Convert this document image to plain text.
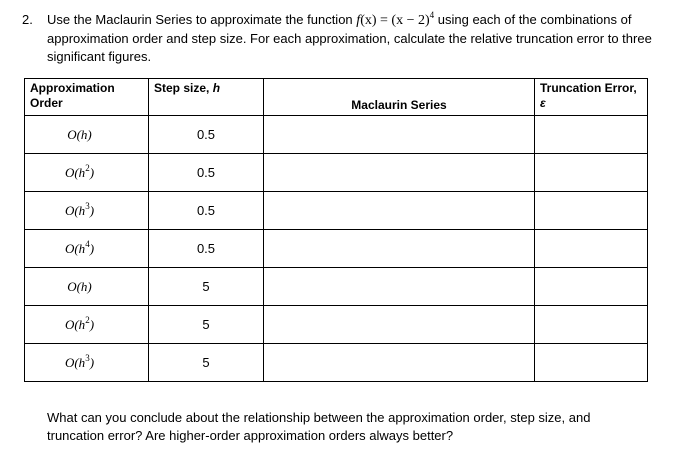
2. Use the Maclaurin Series to approximate the function $f(x) = (x - 2)^4$ using each of the combinations of approximation order and step size. For each approximation, calculate the relative truncation error to three significant figures.
Approximation Order	Step size, h	Maclaurin Series	Truncation Error, ε
O(h)	0.5		
$O(h^2)$	0.5		
$O(h^3)$	0.5		
$O(h^4)$	0.5		
O(h)	5		
$O(h^2)$	5		
$O(h^3)$	5		
What can you conclude about the relationship between the approximation order, step size, and truncation error? Are higher-order approximation orders always better?
